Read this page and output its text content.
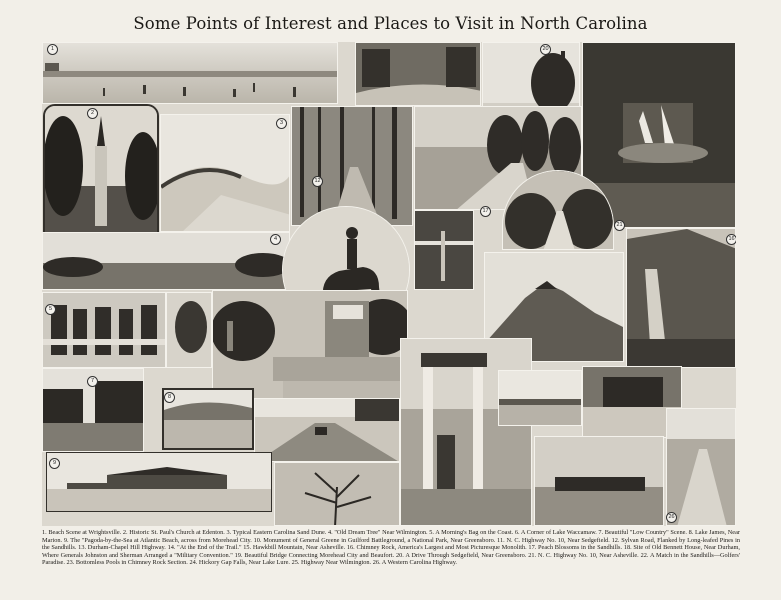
Some Points of Interest and Places to Visit in North Carolina
1	20
2
3
12
16
21
17
4
5
7
8
9
26
1. Beach Scene at Wrightsville. 2. Historic St. Paul's Church at Edenton. 3. Typical Eastern Carolina Sand Dune. 4. "Old Dream Tree" Near Wilmington. 5. A Morning's Bag on the Coast. 6. A Corner of Lake Waccamaw. 7. Beautiful "Low Country" Scene. 8. Lake James, Near Marion. 9. The "Pagoda-by-the-Sea at Atlantic Beach, across from Morehead City. 10. Monument of General Greene in Guilford Battleground, a National Park, Near Greensboro. 11. N. C. Highway No. 10, Near Sedgefield. 12. Sylvan Road, Flanked by Long-leafed Pines in the Sandhills. 13. Durham-Chapel Hill Highway. 14. "At the End of the Trail." 15. Hawkbill Mountain, Near Asheville. 16. Chimney Rock, America's Largest and Most Picturesque Monolith. 17. Peach Blossoms in the Sandhills. 18. Site of Old Bennett House, Near Durham, Where Generals Johnston and Sherman Arranged a "Military Convention." 19. Beautiful Bridge Connecting Morehead City and Beaufort. 20. A Drive Through Sedgefield, Near Greensboro. 21. N. C. Highway No. 10, Near Asheville. 22. A Match in the Sandhills—Golfers' Paradise. 23. Bottomless Pools in Chimney Rock Section. 24. Hickory Gap Falls, Near Lake Lure. 25. Highway Near Wilmington. 26. A Western Carolina Highway.
